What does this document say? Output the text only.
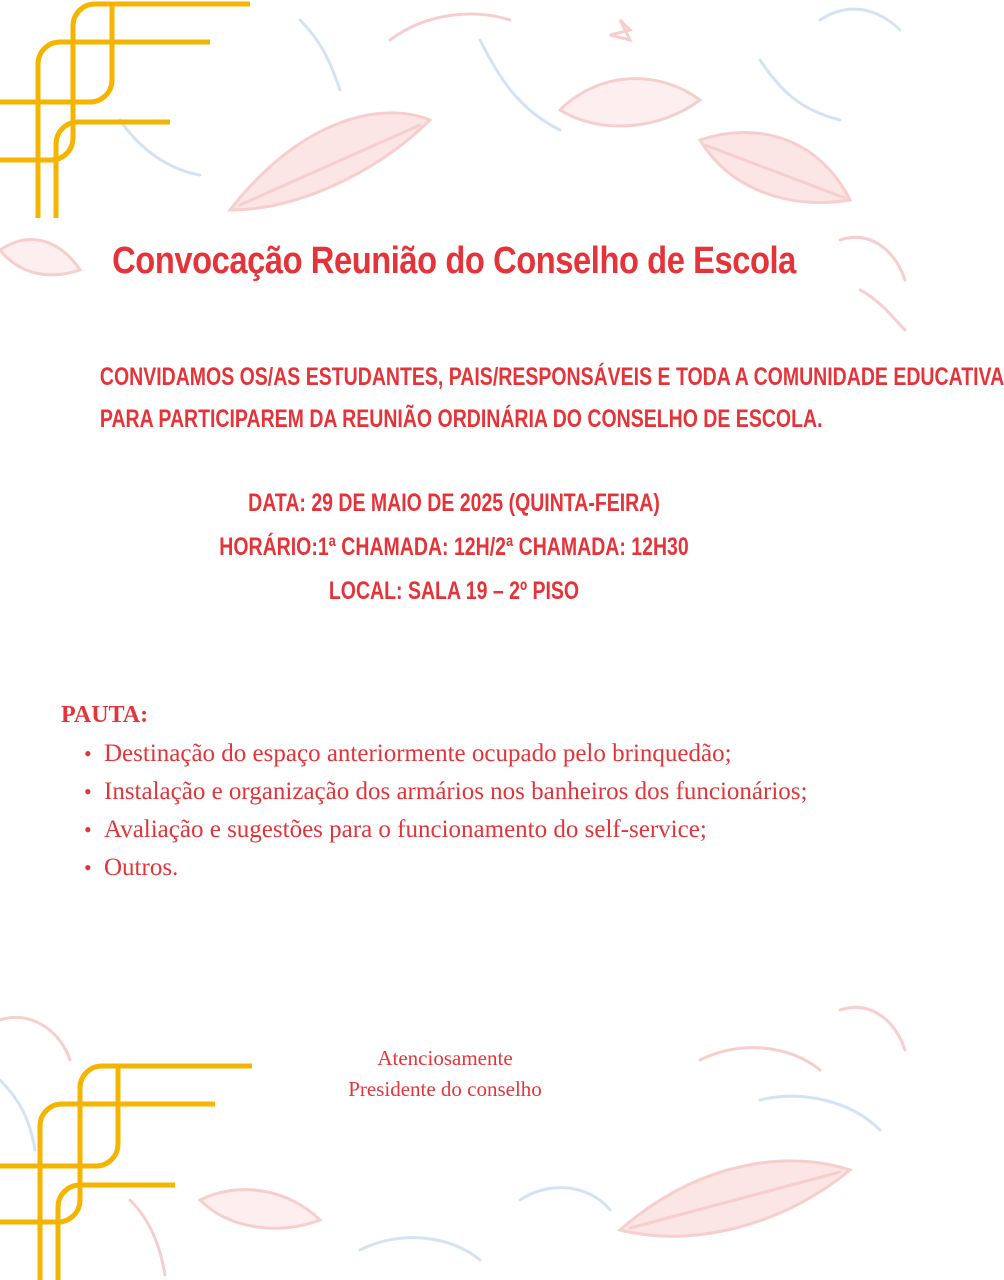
Convocação Reunião do Conselho de Escola
CONVIDAMOS OS/AS ESTUDANTES, PAIS/RESPONSÁVEIS E TODA A COMUNIDADE EDUCATIVA
PARA PARTICIPAREM DA REUNIÃO ORDINÁRIA DO CONSELHO DE ESCOLA.
DATA: 29 DE MAIO DE 2025 (QUINTA-FEIRA)
HORÁRIO:1ª CHAMADA: 12H/2ª CHAMADA: 12H30
LOCAL: SALA 19 – 2º PISO
PAUTA:
• Destinação do espaço anteriormente ocupado pelo brinquedão;
• Instalação e organização dos armários nos banheiros dos funcionários;
• Avaliação e sugestões para o funcionamento do self-service;
• Outros.
Atenciosamente
Presidente do conselho
